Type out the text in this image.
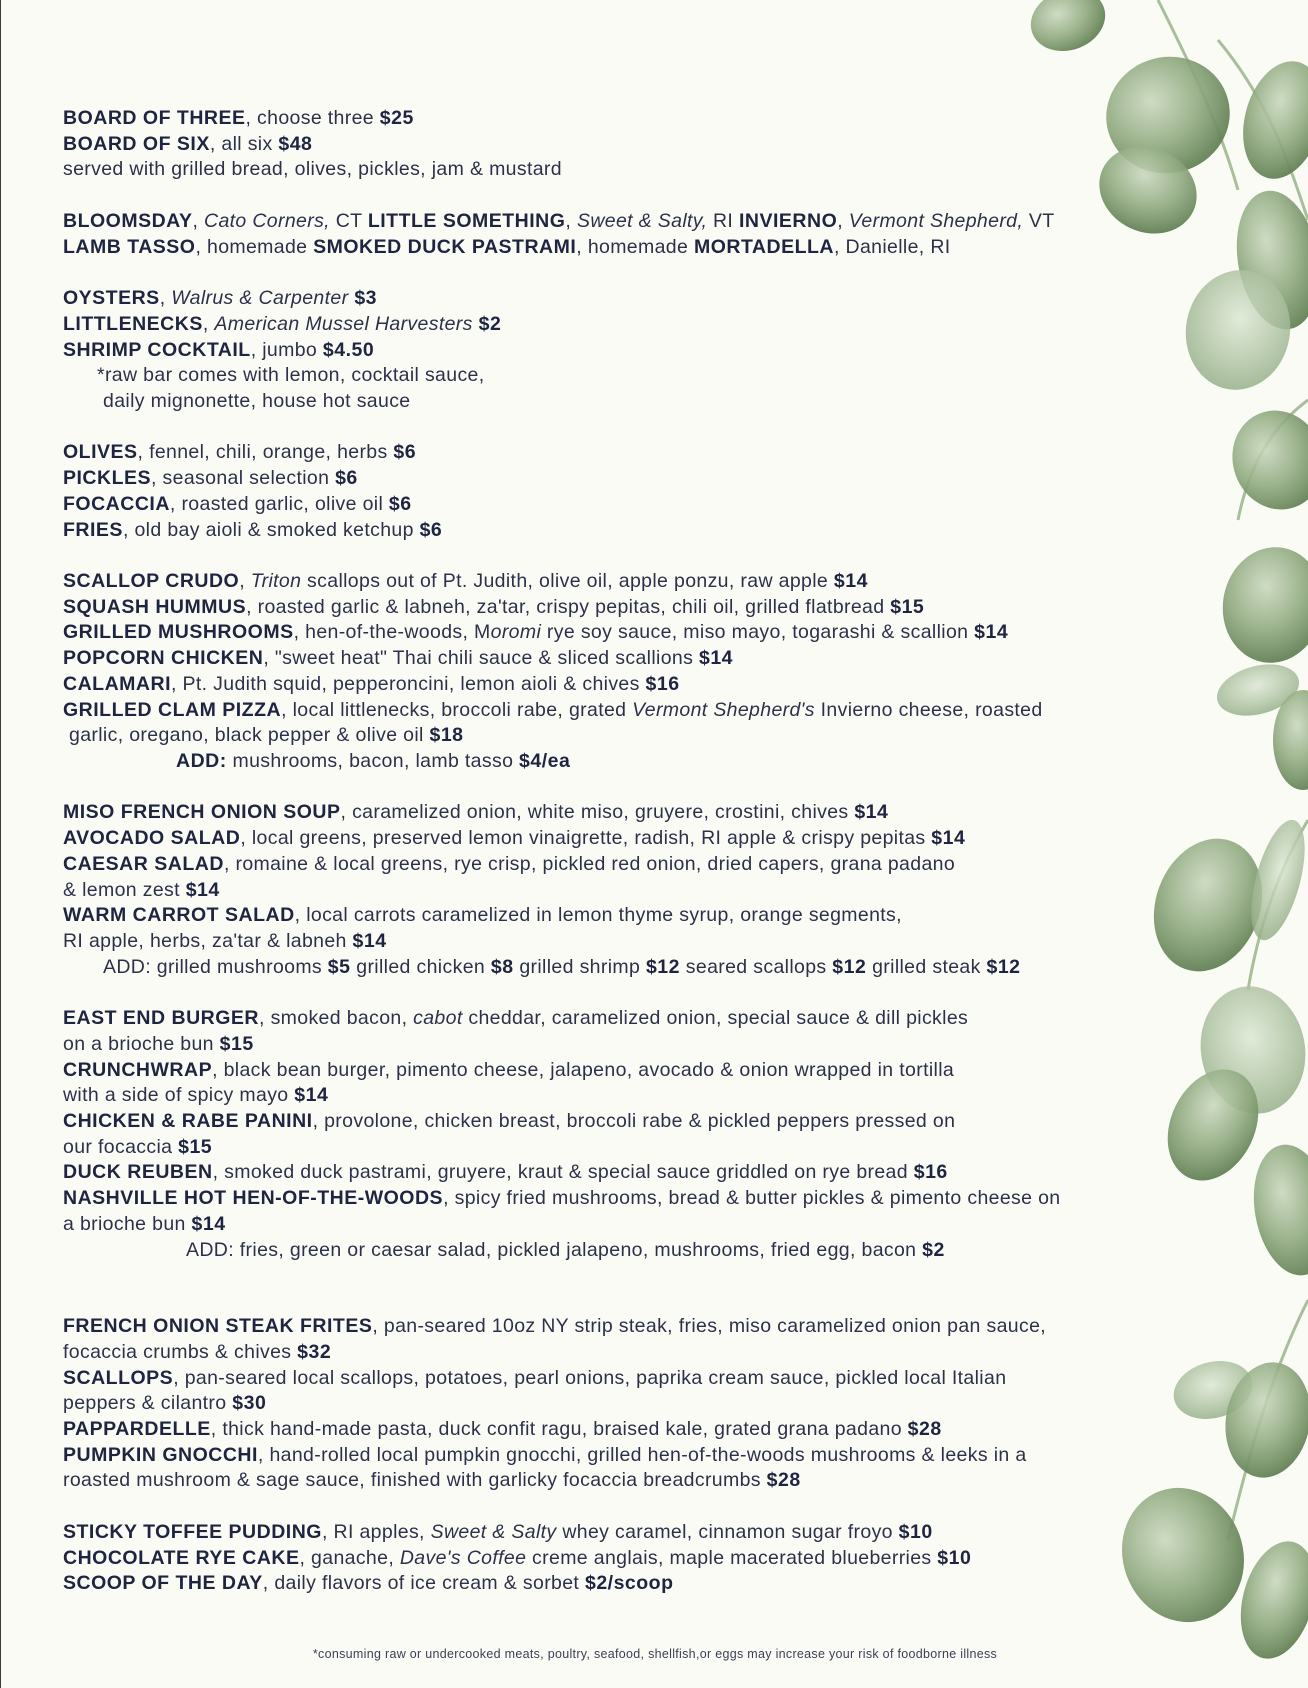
BOARD OF THREE, choose three $25
BOARD OF SIX, all six $48
served with grilled bread, olives, pickles, jam & mustard
BLOOMSDAY, Cato Corners, CT LITTLE SOMETHING, Sweet & Salty, RI INVIERNO, Vermont Shepherd, VT
LAMB TASSO, homemade SMOKED DUCK PASTRAMI, homemade MORTADELLA, Danielle, RI
OYSTERS, Walrus & Carpenter $3
LITTLENECKS, American Mussel Harvesters $2
SHRIMP COCKTAIL, jumbo $4.50
*raw bar comes with lemon, cocktail sauce,
daily mignonette, house hot sauce
OLIVES, fennel, chili, orange, herbs $6
PICKLES, seasonal selection $6
FOCACCIA, roasted garlic, olive oil $6
FRIES, old bay aioli & smoked ketchup $6
SCALLOP CRUDO, Triton scallops out of Pt. Judith, olive oil, apple ponzu, raw apple $14
SQUASH HUMMUS, roasted garlic & labneh, za'tar, crispy pepitas, chili oil, grilled flatbread $15
GRILLED MUSHROOMS, hen-of-the-woods, Moromi rye soy sauce, miso mayo, togarashi & scallion $14
POPCORN CHICKEN, "sweet heat" Thai chili sauce & sliced scallions $14
CALAMARI, Pt. Judith squid, pepperoncini, lemon aioli & chives $16
GRILLED CLAM PIZZA, local littlenecks, broccoli rabe, grated Vermont Shepherd's Invierno cheese, roasted
garlic, oregano, black pepper & olive oil $18
ADD: mushrooms, bacon, lamb tasso $4/ea
MISO FRENCH ONION SOUP, caramelized onion, white miso, gruyere, crostini, chives $14
AVOCADO SALAD, local greens, preserved lemon vinaigrette, radish, RI apple & crispy pepitas $14
CAESAR SALAD, romaine & local greens, rye crisp, pickled red onion, dried capers, grana padano
& lemon zest $14
WARM CARROT SALAD, local carrots caramelized in lemon thyme syrup, orange segments,
RI apple, herbs, za'tar & labneh $14
ADD: grilled mushrooms $5 grilled chicken $8 grilled shrimp $12 seared scallops $12 grilled steak $12
EAST END BURGER, smoked bacon, cabot cheddar, caramelized onion, special sauce & dill pickles
on a brioche bun $15
CRUNCHWRAP, black bean burger, pimento cheese, jalapeno, avocado & onion wrapped in tortilla
with a side of spicy mayo $14
CHICKEN & RABE PANINI, provolone, chicken breast, broccoli rabe & pickled peppers pressed on
our focaccia $15
DUCK REUBEN, smoked duck pastrami, gruyere, kraut & special sauce griddled on rye bread $16
NASHVILLE HOT HEN-OF-THE-WOODS, spicy fried mushrooms, bread & butter pickles & pimento cheese on
a brioche bun $14
ADD: fries, green or caesar salad, pickled jalapeno, mushrooms, fried egg, bacon $2
FRENCH ONION STEAK FRITES, pan-seared 10oz NY strip steak, fries, miso caramelized onion pan sauce,
focaccia crumbs & chives $32
SCALLOPS, pan-seared local scallops, potatoes, pearl onions, paprika cream sauce, pickled local Italian
peppers & cilantro $30
PAPPARDELLE, thick hand-made pasta, duck confit ragu, braised kale, grated grana padano $28
PUMPKIN GNOCCHI, hand-rolled local pumpkin gnocchi, grilled hen-of-the-woods mushrooms & leeks in a
roasted mushroom & sage sauce, finished with garlicky focaccia breadcrumbs $28
STICKY TOFFEE PUDDING, RI apples, Sweet & Salty whey caramel, cinnamon sugar froyo $10
CHOCOLATE RYE CAKE, ganache, Dave's Coffee creme anglais, maple macerated blueberries $10
SCOOP OF THE DAY, daily flavors of ice cream & sorbet $2/scoop
*consuming raw or undercooked meats, poultry, seafood, shellfish,or eggs may increase your risk of foodborne illness
